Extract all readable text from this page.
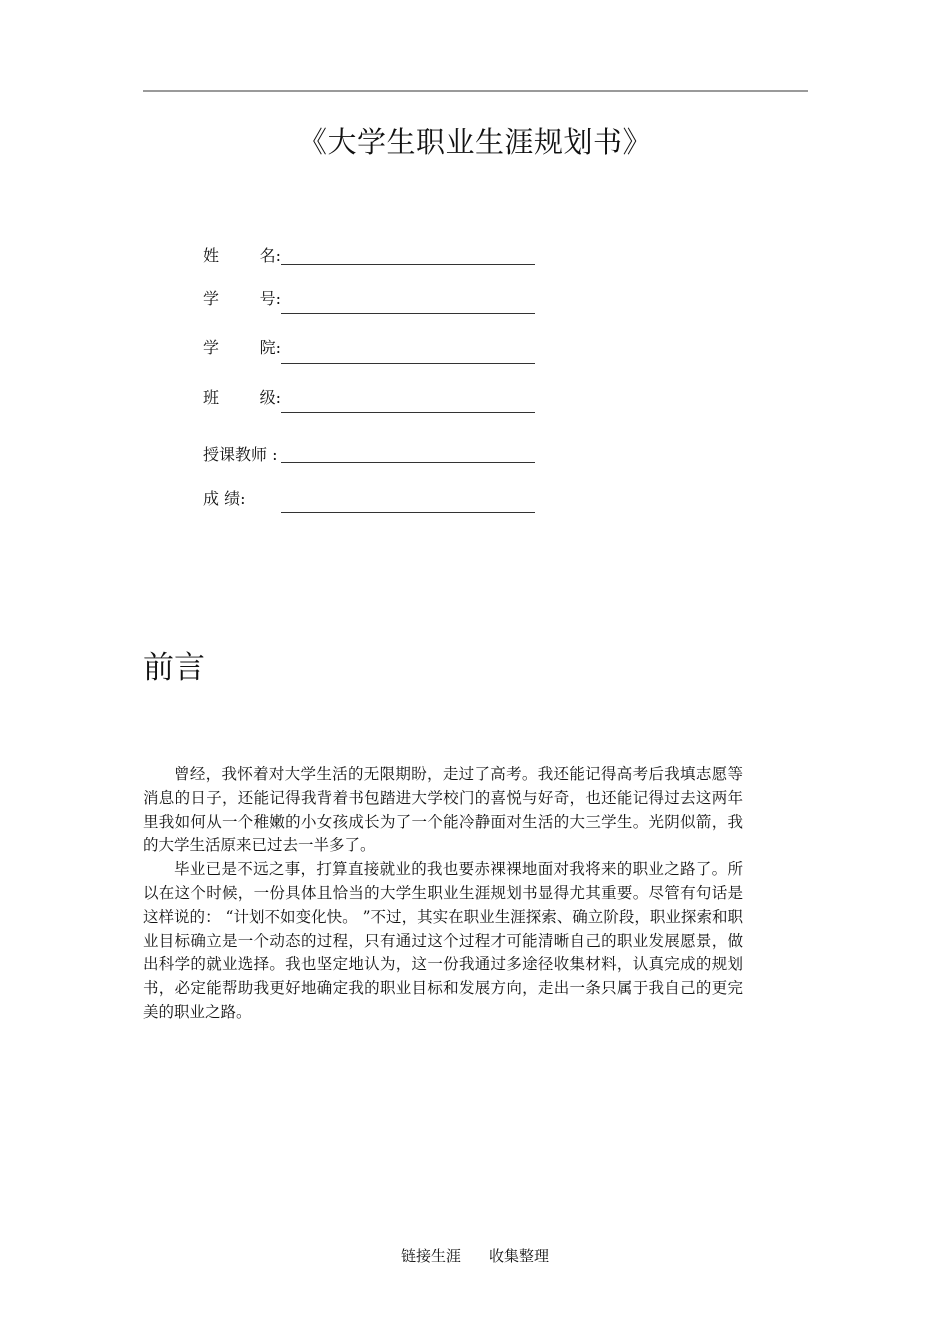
《大学生职业生涯规划书》
姓	名:
学	号:
学	院:
班	级:
授课教师 :
成 绩:
前言

曾经，我怀着对大学生活的无限期盼，走过了高考。我还能记得高考后我填志愿等消息的日子，还能记得我背着书包踏进大学校门的喜悦与好奇，也还能记得过去这两年里我如何从一个稚嫩的小女孩成长为了一个能冷静面对生活的大三学生。光阴似箭，我的大学生活原来已过去一半多了。

毕业已是不远之事，打算直接就业的我也要赤裸裸地面对我将来的职业之路了。所以在这个时候，一份具体且恰当的大学生职业生涯规划书显得尤其重要。尽管有句话是这样说的： “计划不如变化快。 ”不过，其实在职业生涯探索、确立阶段，职业探索和职业目标确立是一个动态的过程，只有通过这个过程才可能清晰自己的职业发展愿景，做出科学的就业选择。我也坚定地认为，这一份我通过多途径收集材料，认真完成的规划书，必定能帮助我更好地确定我的职业目标和发展方向，走出一条只属于我自己的更完美的职业之路。

链接生涯 收集整理
